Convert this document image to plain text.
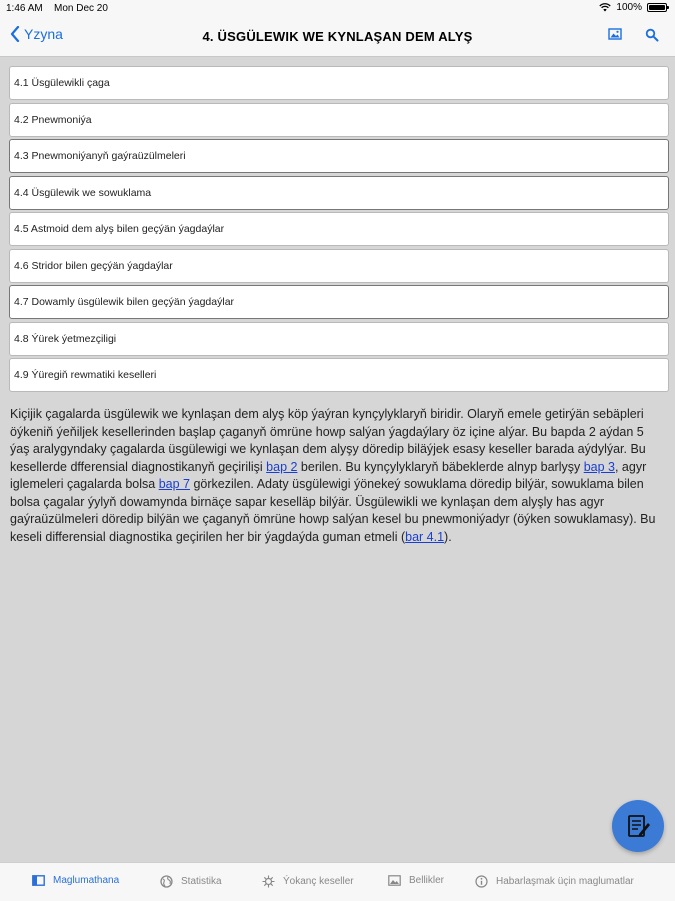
1:46 AM Mon Dec 20	100%
Yzyna	4. ÜSGÜLEWIK WE KYNLAŞAN DEM ALYŞ
4.1 Üsgülewikli çaga
4.2 Pnewmoniýa
4.3 Pnewmoniýanyň gaýraüzülmeleri
4.4 Üsgülewik we sowuklama
4.5 Astmoid dem alyş bilen geçýän ýagdaýlar
4.6 Stridor bilen geçýän ýagdaýlar
4.7 Dowamly üsgülewik bilen geçýän ýagdaýlar
4.8 Ýürek ýetmezçiligi
4.9 Ýüregiň rewmatiki keselleri
Kiçijik çagalarda üsgülewik we kynlaşan dem alyş köp ýaýran kynçylyklaryň biridir. Olaryň emele getirýän sebäpleri öýkeniň ýeňiljek kesellerinden başlap çaganyň ömrüne howp salýan ýagdaýlary öz içine alýar. Bu bapda 2 aýdan 5 ýaş aralygyndaky çagalarda üsgülewigi we kynlaşan dem alyşy döredip biläýjek esasy keseller barada aýdylýar. Bu kesellerde dfferensial diagnostikanyň geçirilişi bap 2 berilen. Bu kynçylyklaryň bäbeklerde alnyp barlyşy bap 3, agyr iglemeleri çagalarda bolsa bap 7 görkezilen. Adaty üsgülewigi ýönekeý sowuklama döredip bilýär, sowuklama bilen bolsa çagalar ýylyň dowamynda birnäçe sapar keselläp bilýär. Üsgülewikli we kynlaşan dem alyşly has agyr gaýraüzülmeleri döredip bilýän we çaganyň ömrüne howp salýan kesel bu pnewmoniýadyr (öýken sowuklamasy). Bu keseli differensial diagnostika geçirilen her bir ýagdaýda guman etmeli (bar 4.1).
Maglumathana	Statistika	Ýokanç keseller	Bellikler	Habarlaşmak üçin maglumatlar
